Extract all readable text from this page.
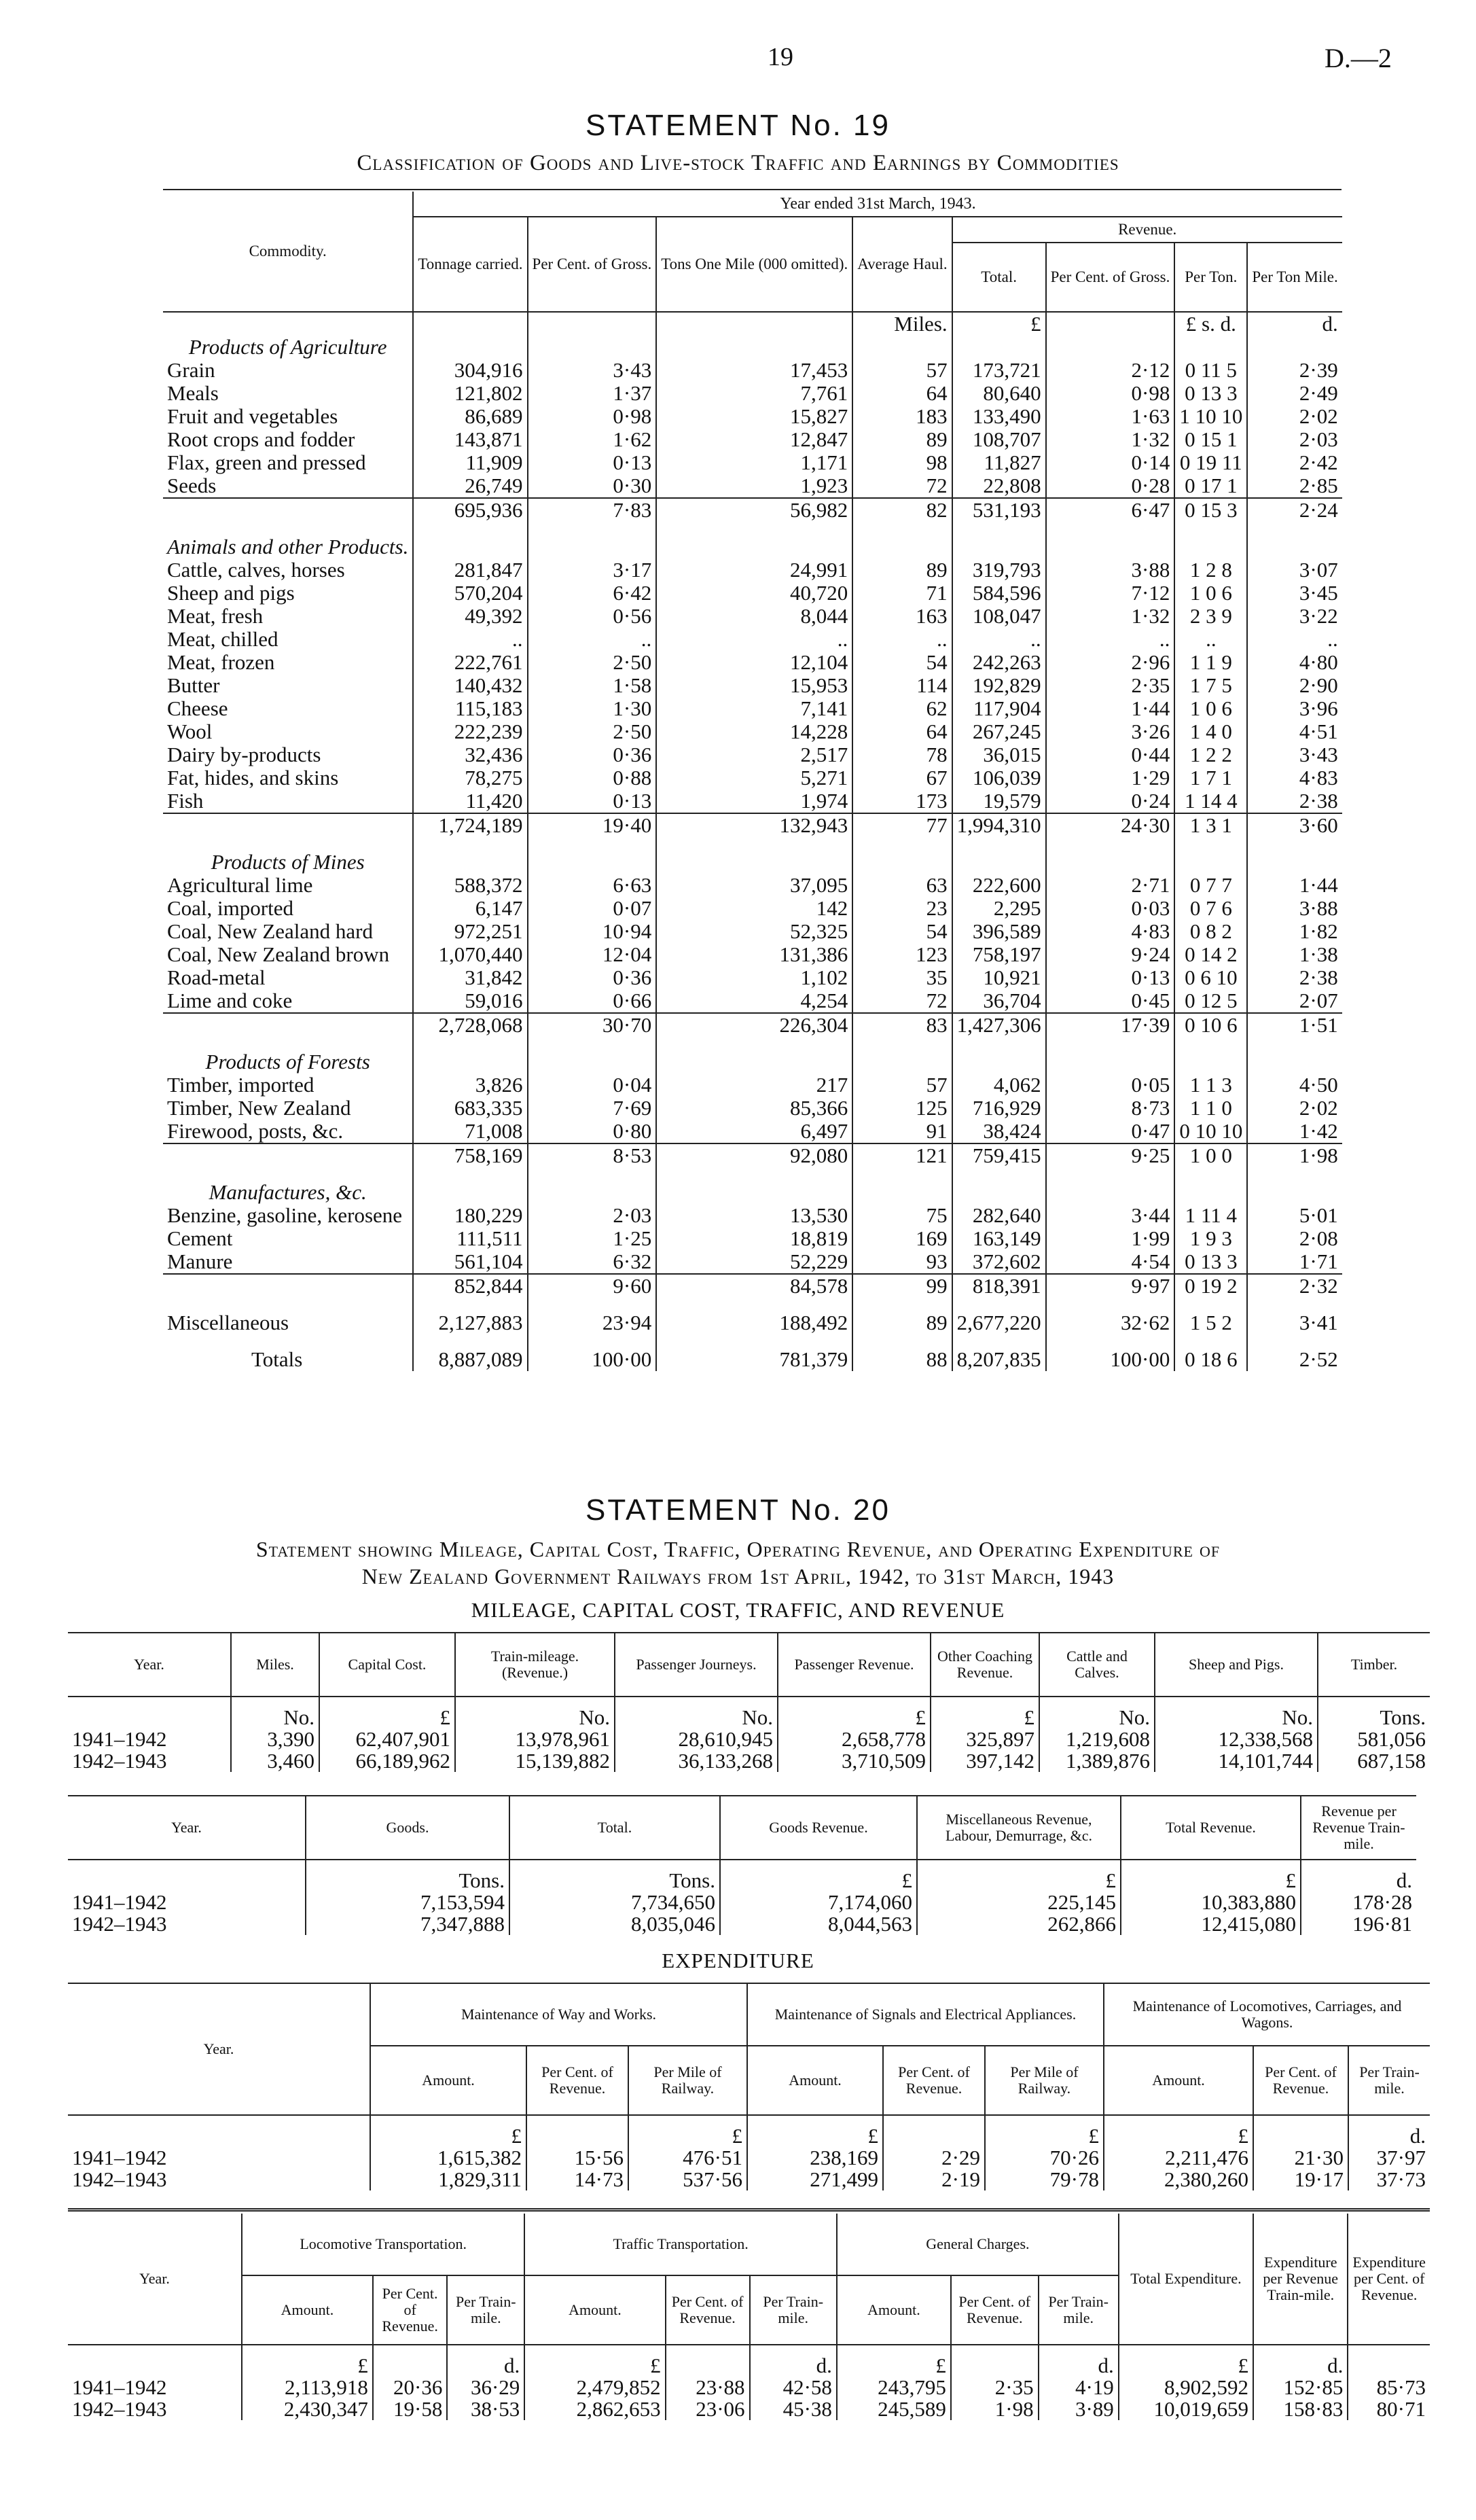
19	D.—2
STATEMENT No. 19
Classification of Goods and Live-stock Traffic and Earnings by Commodities
Commodity.	Year ended 31st March, 1943.							
	Tonnage carried.	Per Cent. of Gross.	Tons One Mile (000 omitted).	Average Haul.	Revenue.			
					Total.	Per Cent. of Gross.	Per Ton.	Per Ton Mile.
				Miles.	£		£ s. d.	d.
Products of Agriculture								
Grain	304,916	3·43	17,453	57	173,721	2·12	0 11 5	2·39
Meals	121,802	1·37	7,761	64	80,640	0·98	0 13 3	2·49
Fruit and vegetables	86,689	0·98	15,827	183	133,490	1·63	1 10 10	2·02
Root crops and fodder	143,871	1·62	12,847	89	108,707	1·32	0 15 1	2·03
Flax, green and pressed	11,909	0·13	1,171	98	11,827	0·14	0 19 11	2·42
Seeds	26,749	0·30	1,923	72	22,808	0·28	0 17 1	2·85
	695,936	7·83	56,982	82	531,193	6·47	0 15 3	2·24

Animals and other Products.								
Cattle, calves, horses	281,847	3·17	24,991	89	319,793	3·88	1 2 8	3·07
Sheep and pigs	570,204	6·42	40,720	71	584,596	7·12	1 0 6	3·45
Meat, fresh	49,392	0·56	8,044	163	108,047	1·32	2 3 9	3·22
Meat, chilled	..	..	..	..	..	..	..	..
Meat, frozen	222,761	2·50	12,104	54	242,263	2·96	1 1 9	4·80
Butter	140,432	1·58	15,953	114	192,829	2·35	1 7 5	2·90
Cheese	115,183	1·30	7,141	62	117,904	1·44	1 0 6	3·96
Wool	222,239	2·50	14,228	64	267,245	3·26	1 4 0	4·51
Dairy by-products	32,436	0·36	2,517	78	36,015	0·44	1 2 2	3·43
Fat, hides, and skins	78,275	0·88	5,271	67	106,039	1·29	1 7 1	4·83
Fish	11,420	0·13	1,974	173	19,579	0·24	1 14 4	2·38
	1,724,189	19·40	132,943	77	1,994,310	24·30	1 3 1	3·60

Products of Mines								
Agricultural lime	588,372	6·63	37,095	63	222,600	2·71	0 7 7	1·44
Coal, imported	6,147	0·07	142	23	2,295	0·03	0 7 6	3·88
Coal, New Zealand hard	972,251	10·94	52,325	54	396,589	4·83	0 8 2	1·82
Coal, New Zealand brown	1,070,440	12·04	131,386	123	758,197	9·24	0 14 2	1·38
Road-metal	31,842	0·36	1,102	35	10,921	0·13	0 6 10	2·38
Lime and coke	59,016	0·66	4,254	72	36,704	0·45	0 12 5	2·07
	2,728,068	30·70	226,304	83	1,427,306	17·39	0 10 6	1·51

Products of Forests								
Timber, imported	3,826	0·04	217	57	4,062	0·05	1 1 3	4·50
Timber, New Zealand	683,335	7·69	85,366	125	716,929	8·73	1 1 0	2·02
Firewood, posts, &c.	71,008	0·80	6,497	91	38,424	0·47	0 10 10	1·42
	758,169	8·53	92,080	121	759,415	9·25	1 0 0	1·98

Manufactures, &c.								
Benzine, gasoline, kerosene	180,229	2·03	13,530	75	282,640	3·44	1 11 4	5·01
Cement	111,511	1·25	18,819	169	163,149	1·99	1 9 3	2·08
Manure	561,104	6·32	52,229	93	372,602	4·54	0 13 3	1·71
	852,844	9·60	84,578	99	818,391	9·97	0 19 2	2·32

Miscellaneous	2,127,883	23·94	188,492	89	2,677,220	32·62	1 5 2	3·41

Totals	8,887,089	100·00	781,379	88	8,207,835	100·00	0 18 6	2·52
STATEMENT No. 20
Statement showing Mileage, Capital Cost, Traffic, Operating Revenue, and Operating Expenditure of
New Zealand Government Railways from 1st April, 1942, to 31st March, 1943
MILEAGE, CAPITAL COST, TRAFFIC, AND REVENUE
Year.	Miles.	Capital Cost.	Train-mileage. (Revenue.)	Passenger Journeys.	Passenger Revenue.	Other Coaching Revenue.	Cattle and Calves.	Sheep and Pigs.	Timber.
	No.	£	No.	No.	£	£	No.	No.	Tons.
1941–1942	3,390	62,407,901	13,978,961	28,610,945	2,658,778	325,897	1,219,608	12,338,568	581,056
1942–1943	3,460	66,189,962	15,139,882	36,133,268	3,710,509	397,142	1,389,876	14,101,744	687,158
Year.	Goods.	Total.	Goods Revenue.	Miscellaneous Revenue, Labour, Demurrage, &c.	Total Revenue.	Revenue per Revenue Train-mile.
	Tons.	Tons.	£	£	£	d.
1941–1942	7,153,594	7,734,650	7,174,060	225,145	10,383,880	178·28
1942–1943	7,347,888	8,035,046	8,044,563	262,866	12,415,080	196·81
EXPENDITURE
Year.	Maintenance of Way and Works.			Maintenance of Signals and Electrical Appliances.			Maintenance of Locomotives, Carriages, and Wagons.		
	Amount.	Per Cent. of Revenue.	Per Mile of Railway.	Amount.	Per Cent. of Revenue.	Per Mile of Railway.	Amount.	Per Cent. of Revenue.	Per Train-mile.
	£		£	£		£	£		d.
1941–1942	1,615,382	15·56	476·51	238,169	2·29	70·26	2,211,476	21·30	37·97
1942–1943	1,829,311	14·73	537·56	271,499	2·19	79·78	2,380,260	19·17	37·73
Year.	Locomotive Transportation.			Traffic Transportation.			General Charges.			Total Expenditure.	Expenditure per Revenue Train-mile.	Expenditure per Cent. of Revenue.
	Amount.	Per Cent. of Revenue.	Per Train-mile.	Amount.	Per Cent. of Revenue.	Per Train-mile.	Amount.	Per Cent. of Revenue.	Per Train-mile.			
	£		d.	£		d.	£		d.	£	d.	
1941–1942	2,113,918	20·36	36·29	2,479,852	23·88	42·58	243,795	2·35	4·19	8,902,592	152·85	85·73
1942–1943	2,430,347	19·58	38·53	2,862,653	23·06	45·38	245,589	1·98	3·89	10,019,659	158·83	80·71
